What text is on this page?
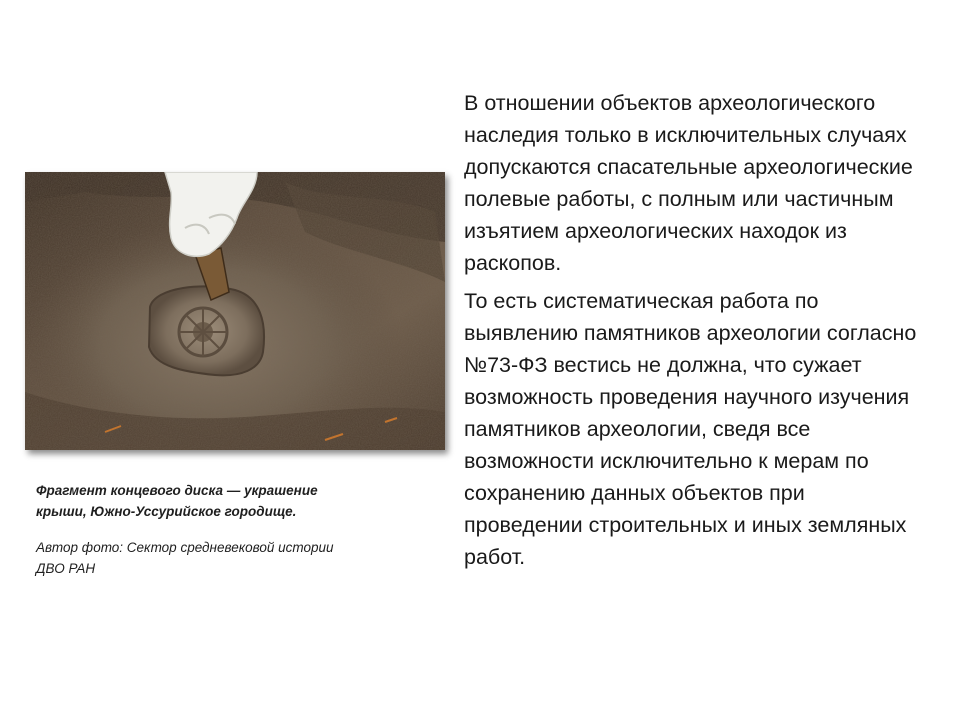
Фрагмент концевого диска — украшение крыши, Южно-Уссурийское городище.

Автор фото: Сектор средневековой истории ДВО РАН

В отношении объектов археологического наследия только в исключительных случаях допускаются спасательные археологические полевые работы, с полным или частичным изъятием археологических находок из раскопов.

То есть систематическая работа по выявлению памятников археологии согласно №73-ФЗ вестись не должна, что сужает возможность проведения научного изучения памятников археологии, сведя все возможности исключительно к мерам по сохранению данных объектов при проведении строительных и иных земляных работ.
